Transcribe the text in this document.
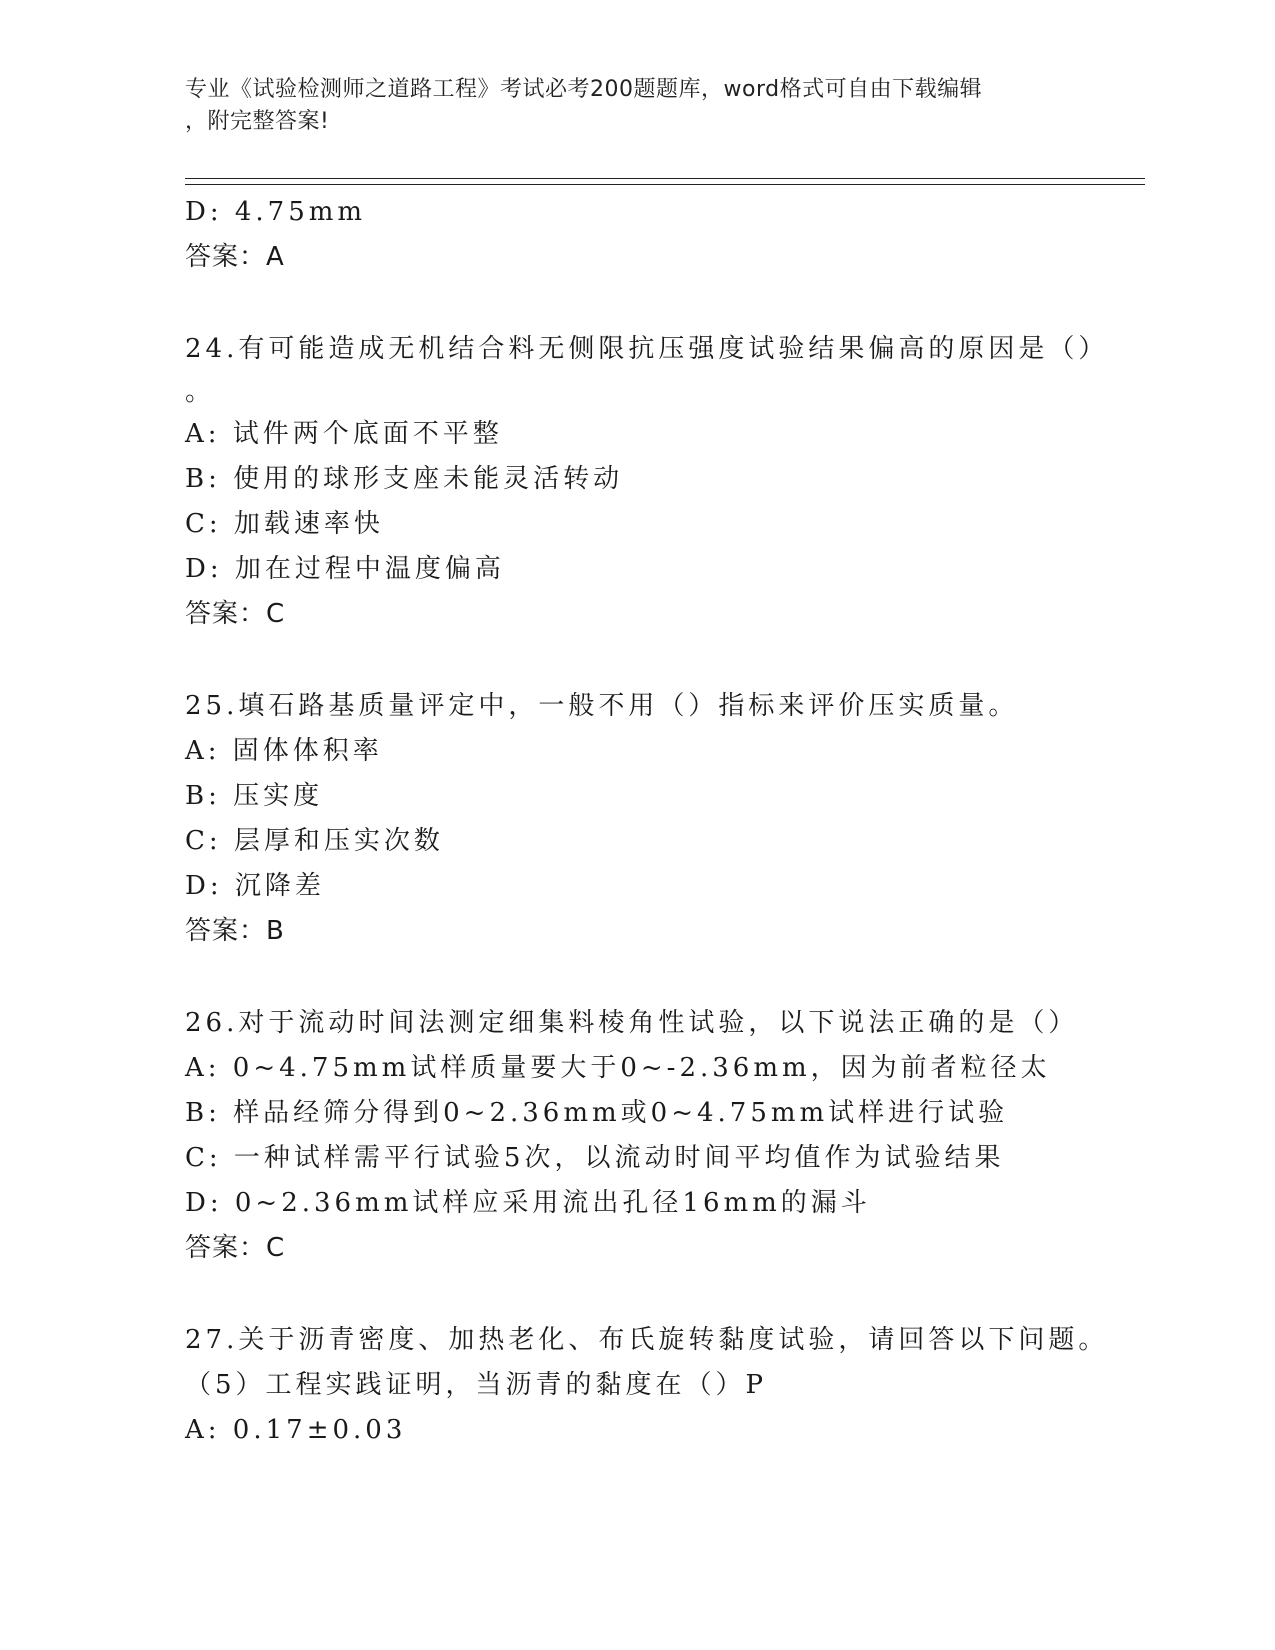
专业《试验检测师之道路工程》考试必考200题题库，word格式可自由下载编辑
，附完整答案!
D: 4.75mm
答案：A
24.有可能造成无机结合料无侧限抗压强度试验结果偏高的原因是（）
。
A: 试件两个底面不平整
B: 使用的球形支座未能灵活转动
C: 加载速率快
D: 加在过程中温度偏高
答案：C
25.填石路基质量评定中，一般不用（）指标来评价压实质量。
A: 固体体积率
B: 压实度
C: 层厚和压实次数
D: 沉降差
答案：B
26.对于流动时间法测定细集料棱角性试验，以下说法正确的是（）
A: 0~4.75mm试样质量要大于0~-2.36mm，因为前者粒径太
B: 样品经筛分得到0~2.36mm或0~4.75mm试样进行试验
C: 一种试样需平行试验5次，以流动时间平均值作为试验结果
D: 0~2.36mm试样应采用流出孔径16mm的漏斗
答案：C
27.关于沥青密度、加热老化、布氏旋转黏度试验，请回答以下问题。
（5）工程实践证明，当沥青的黏度在（）P
A: 0.17±0.03
